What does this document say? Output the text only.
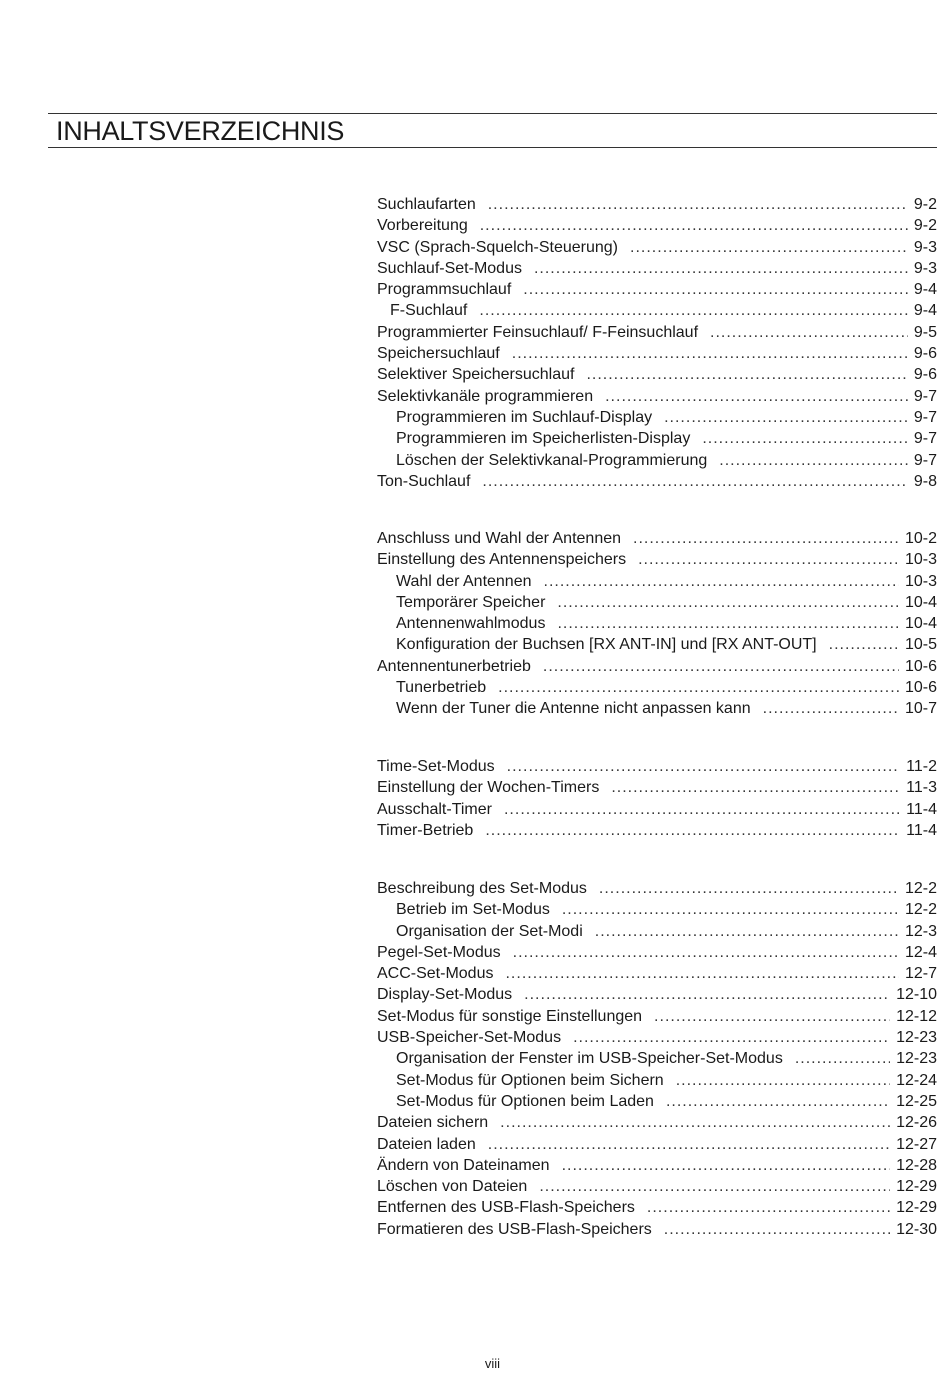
INHALTSVERZEICHNIS
Suchlaufarten .....	9-2
Vorbereitung .....	9-2
VSC (Sprach-Squelch-Steuerung) .....	9-3
Suchlauf-Set-Modus .....	9-3
Programmsuchlauf .....	9-4
F-Suchlauf .....	9-4
Programmierter Feinsuchlauf/ F-Feinsuchlauf .....	9-5
Speichersuchlauf .....	9-6
Selektiver Speichersuchlauf .....	9-6
Selektivkanäle programmieren .....	9-7
Programmieren im Suchlauf-Display .....	9-7
Programmieren im Speicherlisten-Display .....	9-7
Löschen der Selektivkanal-Programmierung .....	9-7
Ton-Suchlauf .....	9-8
Anschluss und Wahl der Antennen .....	10-2
Einstellung des Antennenspeichers .....	10-3
Wahl der Antennen .....	10-3
Temporärer Speicher .....	10-4
Antennenwahlmodus .....	10-4
Konfiguration der Buchsen [RX ANT-IN] und [RX ANT-OUT] .....	10-5
Antennentunerbetrieb .....	10-6
Tunerbetrieb .....	10-6
Wenn der Tuner die Antenne nicht anpassen kann .....	10-7
Time-Set-Modus .....	11-2
Einstellung der Wochen-Timers .....	11-3
Ausschalt-Timer .....	11-4
Timer-Betrieb .....	11-4
Beschreibung des Set-Modus .....	12-2
Betrieb im Set-Modus .....	12-2
Organisation der Set-Modi .....	12-3
Pegel-Set-Modus .....	12-4
ACC-Set-Modus .....	12-7
Display-Set-Modus .....	12-10
Set-Modus für sonstige Einstellungen .....	12-12
USB-Speicher-Set-Modus .....	12-23
Organisation der Fenster im USB-Speicher-Set-Modus .....	12-23
Set-Modus für Optionen beim Sichern .....	12-24
Set-Modus für Optionen beim Laden .....	12-25
Dateien sichern .....	12-26
Dateien laden .....	12-27
Ändern von Dateinamen .....	12-28
Löschen von Dateien .....	12-29
Entfernen des USB-Flash-Speichers .....	12-29
Formatieren des USB-Flash-Speichers .....	12-30
viii
